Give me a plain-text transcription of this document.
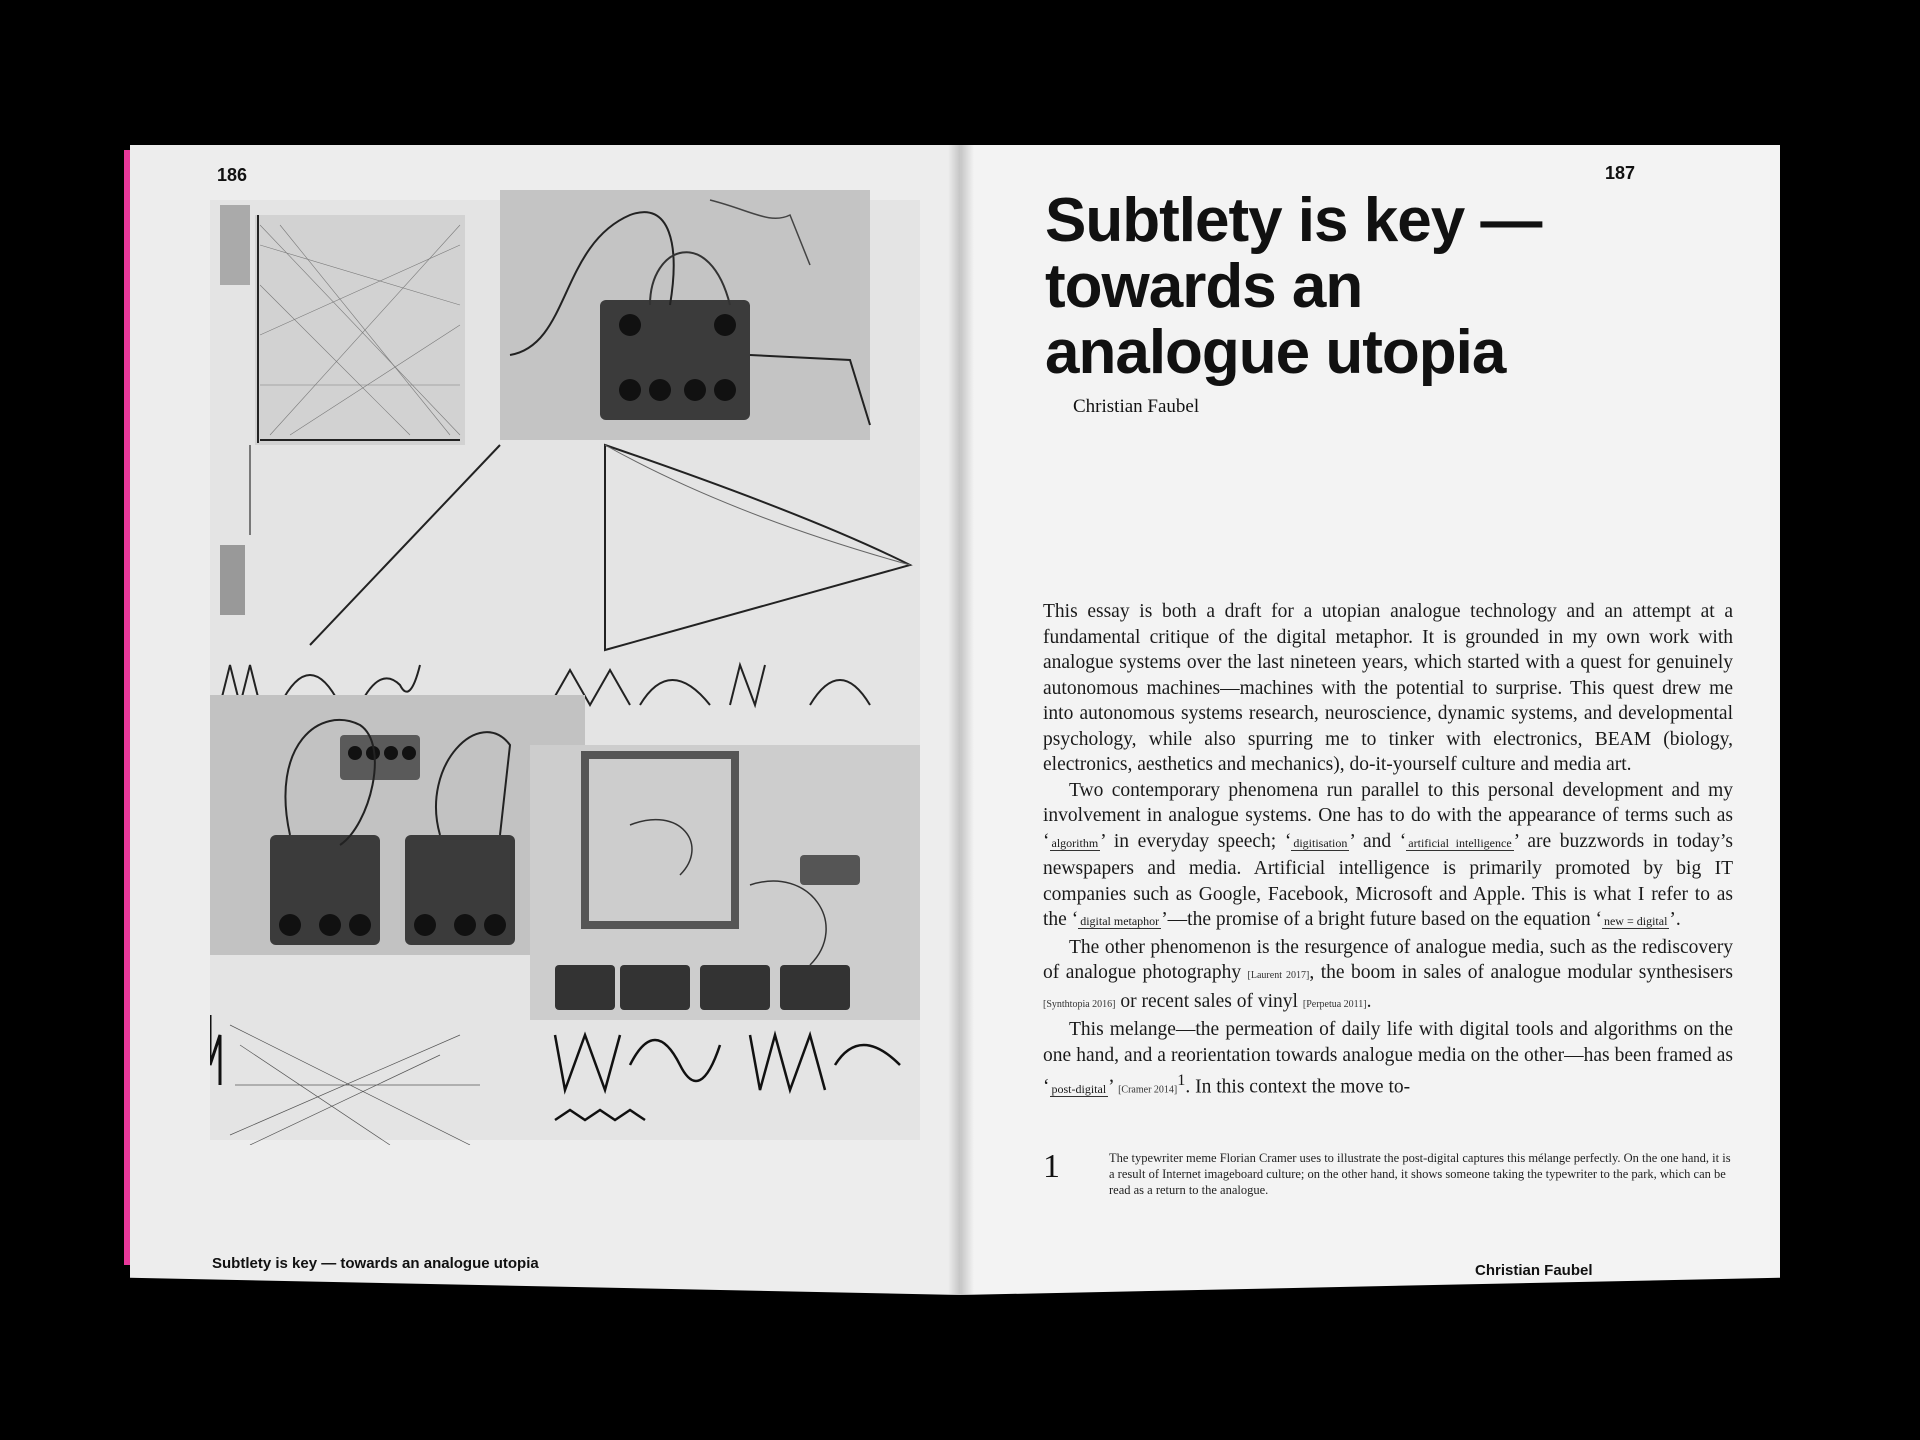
186
Subtlety is key — towards an analogue utopia
187
Subtlety is key —
towards an
analogue utopia
Christian Faubel

This essay is both a draft for a utopian analogue technology and an attempt at a fundamental critique of the digital metaphor. It is grounded in my own work with analogue systems over the last nineteen years, which started with a quest for genuinely autonomous machines—machines with the potential to surprise. This quest drew me into autonomous systems research, neuroscience, dynamic systems, and developmental psychology, while also spurring me to tinker with electronics, BEAM (biology, electronics, aesthetics and mechanics), do-it-yourself culture and media art.

Two contemporary phenomena run parallel to this personal development and my involvement in analogue systems. One has to do with the appearance of terms such as ‘ algorithm ’ in everyday speech; ‘ digitisation ’ and ‘ artificial intelligence ’ are buzzwords in today’s newspapers and media. Artificial intelligence is primarily promoted by big IT companies such as Google, Facebook, Microsoft and Apple. This is what I refer to as the ‘ digital metaphor ’—the promise of a bright future based on the equation ‘ new = digital ’.

The other phenomenon is the resurgence of analogue media, such as the rediscovery of analogue photography [Laurent 2017], the boom in sales of analogue modular synthesisers [Synthtopia 2016] or recent sales of vinyl [Perpetua 2011].

This melange—the permeation of daily life with digital tools and algorithms on the one hand, and a reorientation towards analogue media on the other—has been framed as ‘ post-digital ’ [Cramer 2014]$^1$. In this context the move to-

1	The typewriter meme Florian Cramer uses to illustrate the post-digital captures this mélange perfectly. On the one hand, it is a result of Internet imageboard culture; on the other hand, it shows someone taking the typewriter to the park, which can be read as a return to the analogue.
Christian Faubel
